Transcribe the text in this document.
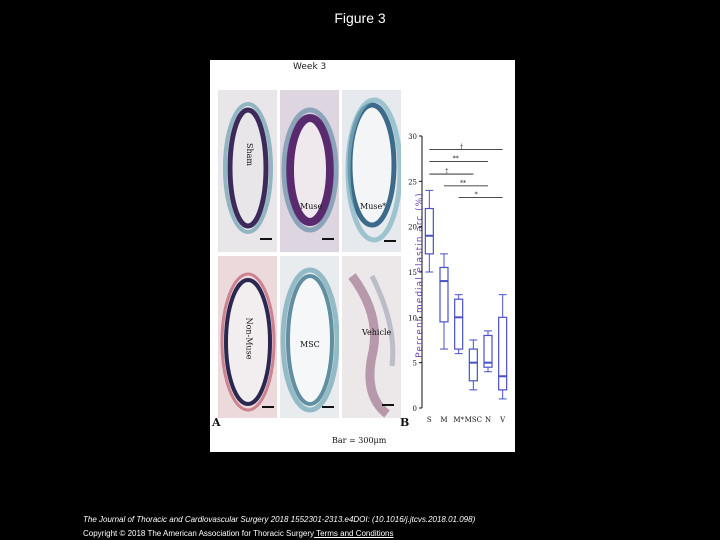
Figure 3
Week 3
Sham
Muse	Muse*
Non-Muse	MSC
Vehicle
A	B
Bar = 300μm
0
5
10
15
20
25
30
S M M* MSC N V
†
**
†
**
*
Percent medial elastin arc (%)
The Journal of Thoracic and Cardiovascular Surgery 2018 1552301-2313.e4DOI: (10.1016/j.jtcvs.2018.01.098)
Copyright © 2018 The American Association for Thoracic Surgery Terms and Conditions
